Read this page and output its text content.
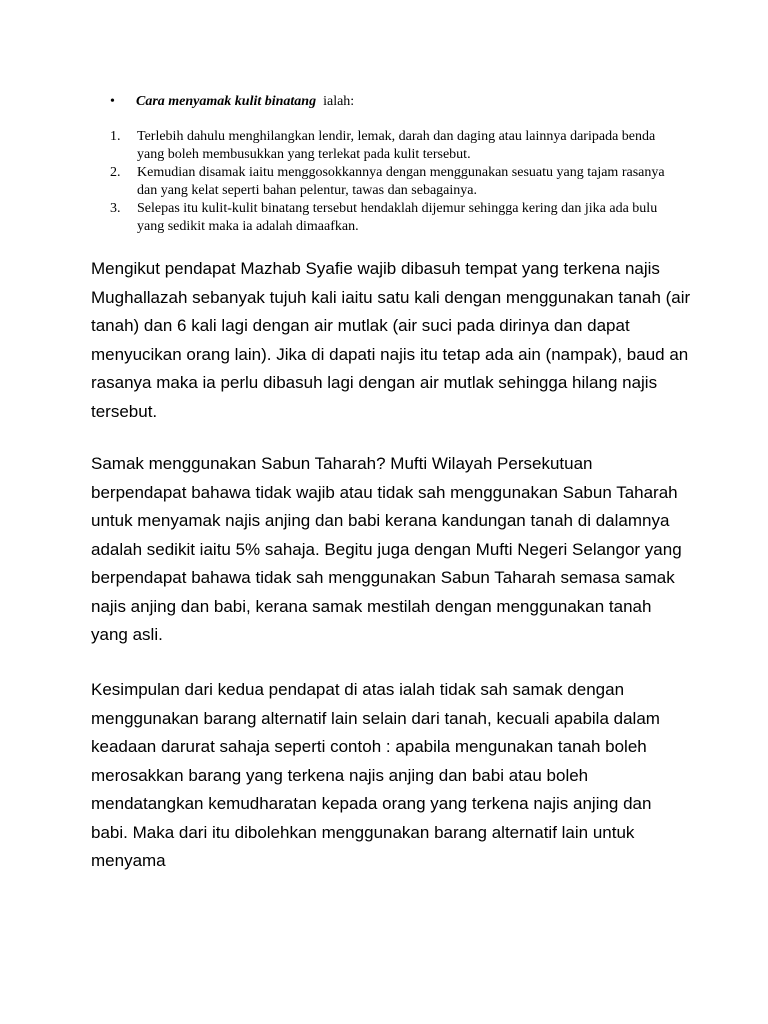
• Cara menyamak kulit binatang ialah:

1. Terlebih dahulu menghilangkan lendir, lemak, darah dan daging atau lainnya daripada benda yang boleh membusukkan yang terlekat pada kulit tersebut.

2. Kemudian disamak iaitu menggosokkannya dengan menggunakan sesuatu yang tajam rasanya dan yang kelat seperti bahan pelentur, tawas dan sebagainya.

3. Selepas itu kulit-kulit binatang tersebut hendaklah dijemur sehingga kering dan jika ada bulu yang sedikit maka ia adalah dimaafkan.

Mengikut pendapat Mazhab Syafie wajib dibasuh tempat yang terkena najis Mughallazah sebanyak tujuh kali iaitu satu kali dengan menggunakan tanah (air tanah) dan 6 kali lagi dengan air mutlak (air suci pada dirinya dan dapat menyucikan orang lain). Jika di dapati najis itu tetap ada ain (nampak), baud an rasanya maka ia perlu dibasuh lagi dengan air mutlak sehingga hilang najis tersebut.

Samak menggunakan Sabun Taharah? Mufti Wilayah Persekutuan berpendapat bahawa tidak wajib atau tidak sah menggunakan Sabun Taharah untuk menyamak najis anjing dan babi kerana kandungan tanah di dalamnya adalah sedikit iaitu 5% sahaja. Begitu juga dengan Mufti Negeri Selangor yang berpendapat bahawa tidak sah menggunakan Sabun Taharah semasa samak najis anjing dan babi, kerana samak mestilah dengan menggunakan tanah yang asli.

Kesimpulan dari kedua pendapat di atas ialah tidak sah samak dengan menggunakan barang alternatif lain selain dari tanah, kecuali apabila dalam keadaan darurat sahaja seperti contoh : apabila mengunakan tanah boleh merosakkan barang yang terkena najis anjing dan babi atau boleh mendatangkan kemudharatan kepada orang yang terkena najis anjing dan babi. Maka dari itu dibolehkan menggunakan barang alternatif lain untuk menyama
